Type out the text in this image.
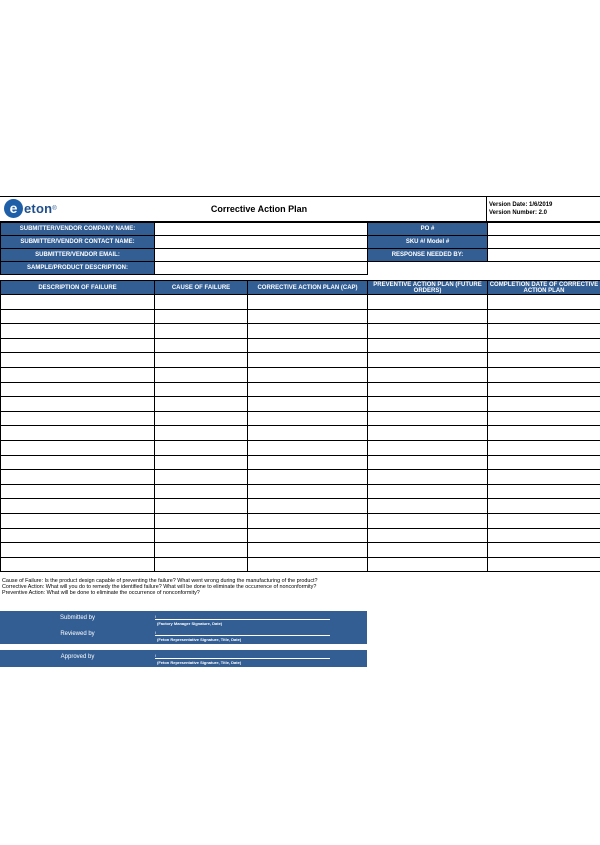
e eton ®	Corrective Action Plan	Version Date: 1/6/2019
Version Number: 2.0
SUBMITTER/VENDOR COMPANY NAME:		PO #	
SUBMITTER/VENDOR CONTACT NAME:		SKU #/ Model #	
SUBMITTER/VENDOR EMAIL:		RESPONSE NEEDED BY:	
SAMPLE/PRODUCT DESCRIPTION:			
DESCRIPTION OF FAILURE	CAUSE OF FAILURE	CORRECTIVE ACTION PLAN (CAP)	PREVENTIVE ACTION PLAN (FUTURE ORDERS)	COMPLETION DATE OF CORRECTIVE ACTION PLAN

Cause of Failure: Is the product design capable of preventing the failure? What went wrong during the manufacturing of the product?
Corrective Action: What will you do to remedy the identified failure? What will be done to eliminate the occurrence of nonconformity?
Preventive Action: What will be done to eliminate the occurrence of nonconformity?
Submitted by	I
(Factory Manager Signature, Date)
Reviewed by	I
(Feton Representative Signature, Title, Date)
Approved by	I
(Feton Representative Signature, Title, Date)
